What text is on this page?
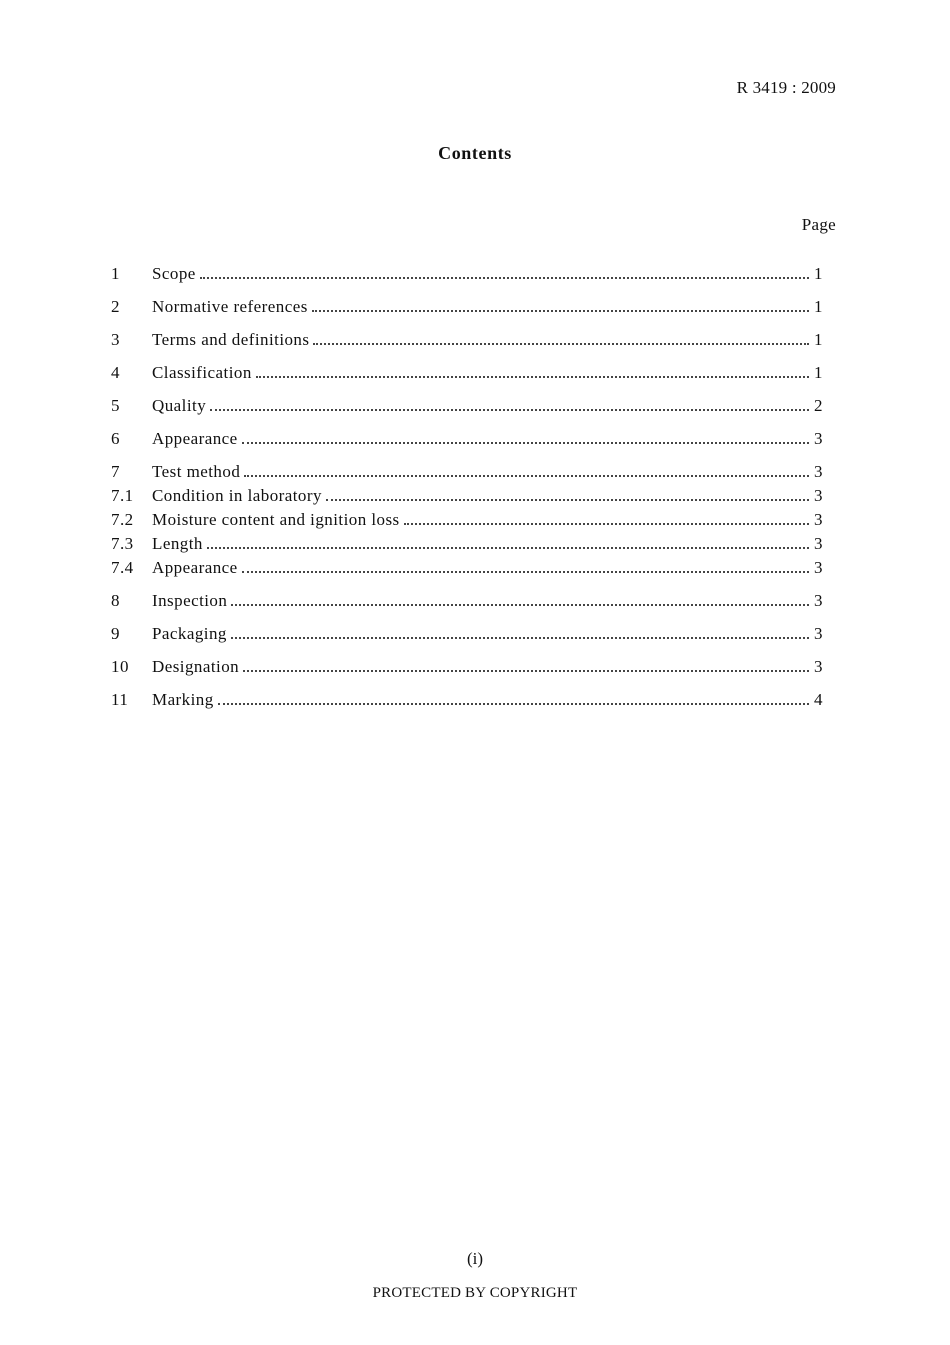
R 3419 : 2009
Contents
Page
1	Scope	1
2	Normative references	1
3	Terms and definitions	1
4	Classification	1
5	Quality	2
6	Appearance	3
7	Test method	3
7.1	Condition in laboratory	3
7.2	Moisture content and ignition loss	3
7.3	Length	3
7.4	Appearance	3
8	Inspection	3
9	Packaging	3
10	Designation	3
11	Marking	4
(i)
PROTECTED BY COPYRIGHT
